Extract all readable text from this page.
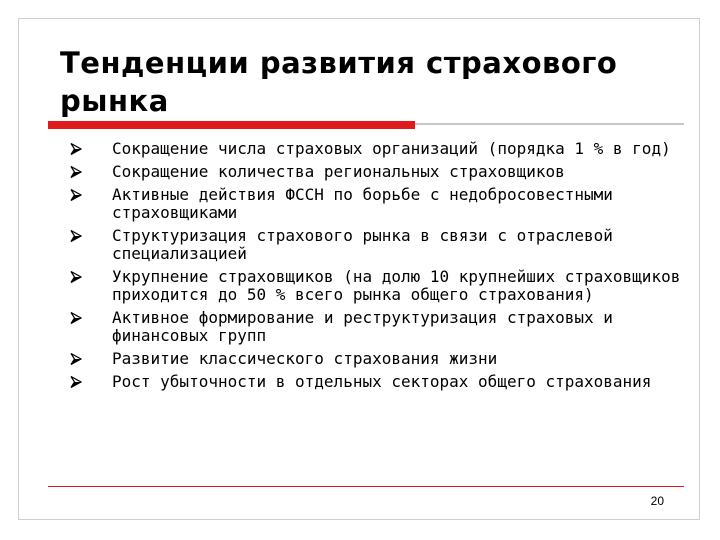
Тенденции развития страхового рынка
Сокращение числа страховых организаций (порядка 1 % в год)
Сокращение количества региональных страховщиков
Активные действия ФССН по борьбе с недобросовестными страховщиками
Структуризация страхового рынка в связи с отраслевой специализацией
Укрупнение страховщиков (на долю 10 крупнейших страховщиков приходится до 50 % всего рынка общего страхования)
Активное формирование и реструктуризация страховых и финансовых групп
Развитие классического страхования жизни
Рост убыточности в отдельных секторах общего страхования
20
